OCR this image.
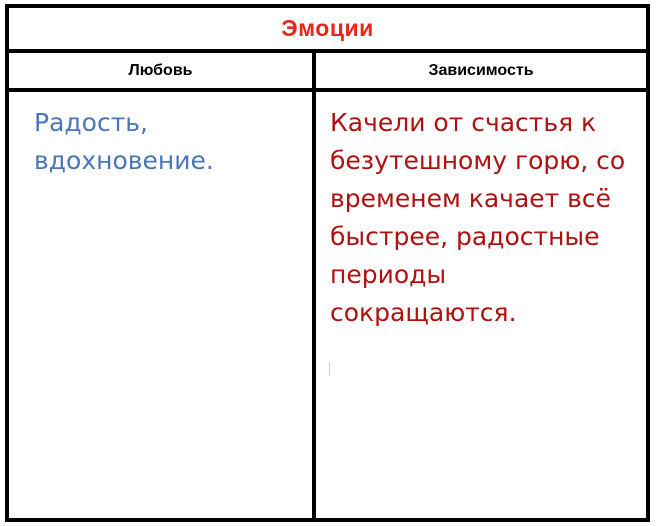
Эмоции
Любовь	Зависимость
Радость, вдохновение.
Качели от счастья к безутешному горю, со временем качает всё быстрее, радостные периоды сокращаются.
